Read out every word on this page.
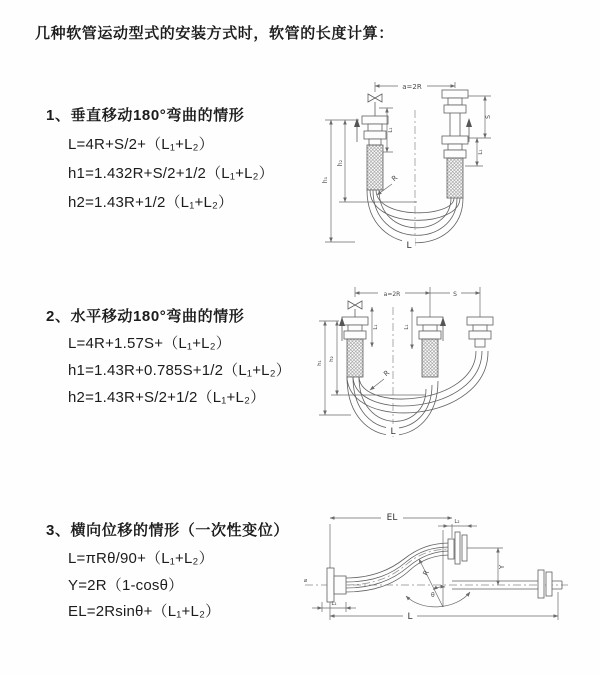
几种软管运动型式的安装方式时，软管的长度计算：
1、垂直移动180°弯曲的情形
L=4R+S/2+（L₁+L₂）
h1=1.432R+S/2+1/2（L₁+L₂）
h2=1.43R+1/2（L₁+L₂）
2、水平移动180°弯曲的情形
L=4R+1.57S+（L₁+L₂）
h1=1.43R+0.785S+1/2（L₁+L₂）
h2=1.43R+S/2+1/2（L₁+L₂）
3、横向位移的情形（一次性变位）
L=πRθ/90+（L₁+L₂）
Y=2R（1-cosθ）
EL=2Rsinθ+（L₁+L₂）
a=2R
h₁
h₂
L₁
S
L₁
R
L
a=2R	S
L₁	L₁
h₁
h₂
R
L
⌀
EL	L₂
Y
R
θ
L₁
L
